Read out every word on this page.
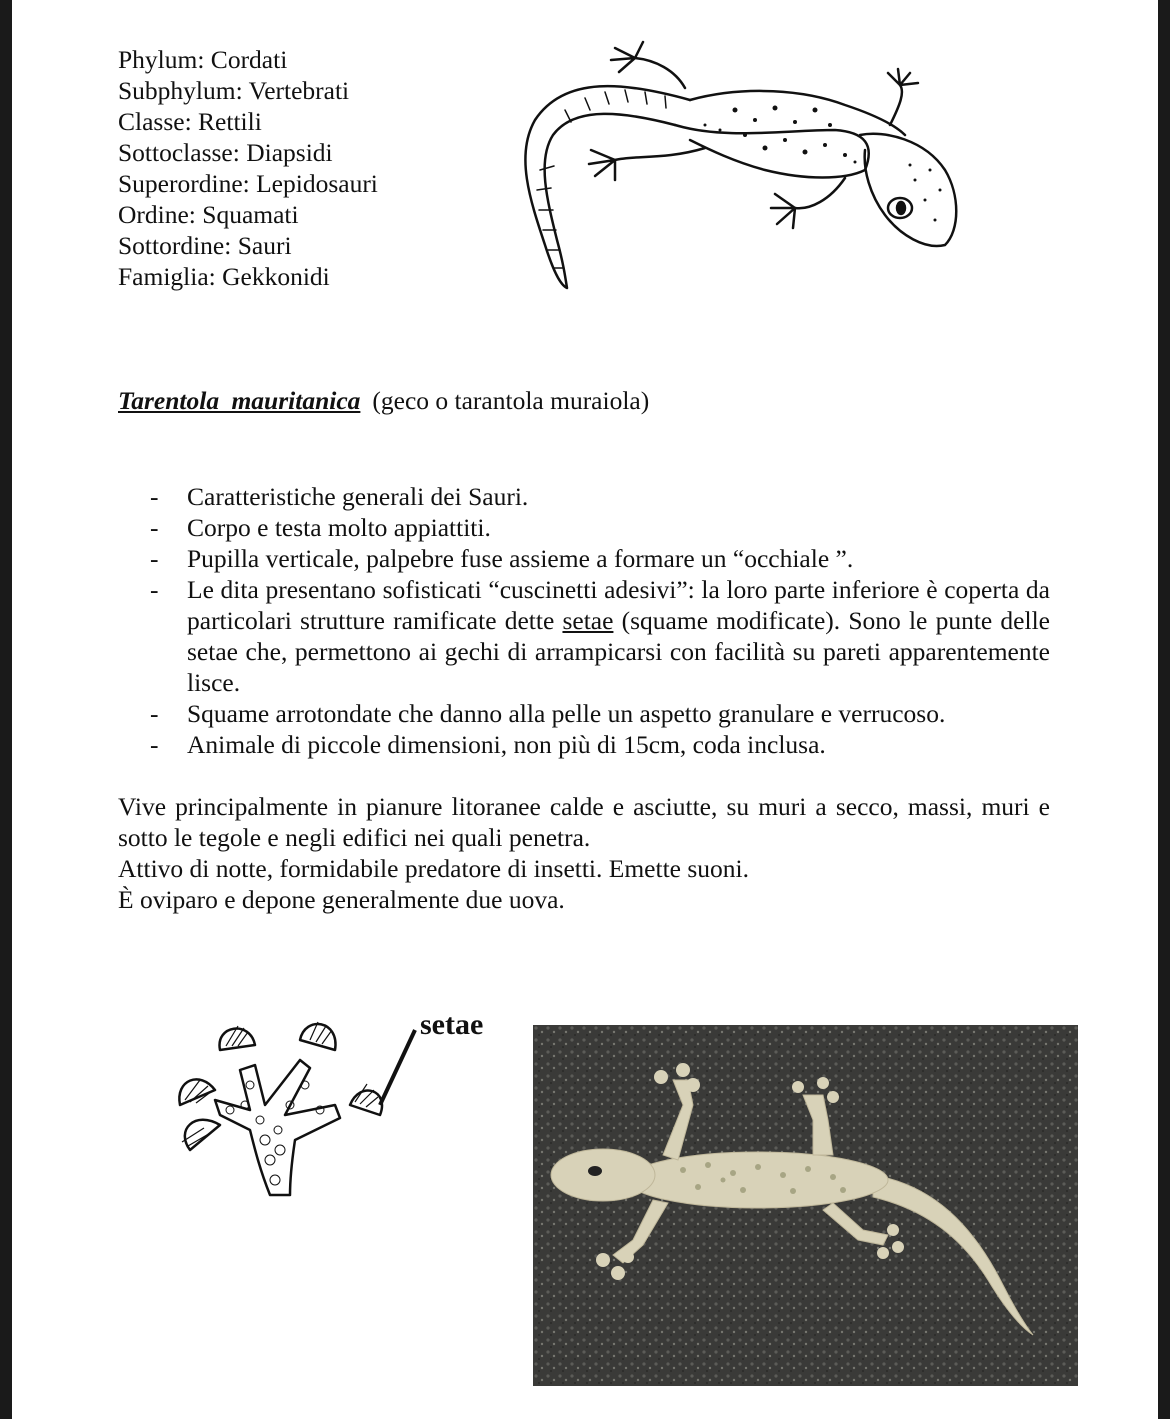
Phylum: Cordati
Subphylum: Vertebrati
Classe: Rettili
Sottoclasse: Diapsidi
Superordine: Lepidosauri
Ordine: Squamati
Sottordine: Sauri
Famiglia: Gekkonidi
Tarentola mauritanica (geco o tarantola muraiola)
- Caratteristiche generali dei Sauri.
- Corpo e testa molto appiattiti.
- Pupilla verticale, palpebre fuse assieme a formare un “occhiale ”.
- Le dita presentano sofisticati “cuscinetti adesivi”: la loro parte inferiore è coperta da particolari strutture ramificate dette setae (squame modificate). Sono le punte delle setae che, permettono ai gechi di arrampicarsi con facilità su pareti apparentemente lisce.
- Squame arrotondate che danno alla pelle un aspetto granulare e verrucoso.
- Animale di piccole dimensioni, non più di 15cm, coda inclusa.
Vive principalmente in pianure litoranee calde e asciutte, su muri a secco, massi, muri e sotto le tegole e negli edifici nei quali penetra.
Attivo di notte, formidabile predatore di insetti. Emette suoni.
È oviparo e depone generalmente due uova.
setae
